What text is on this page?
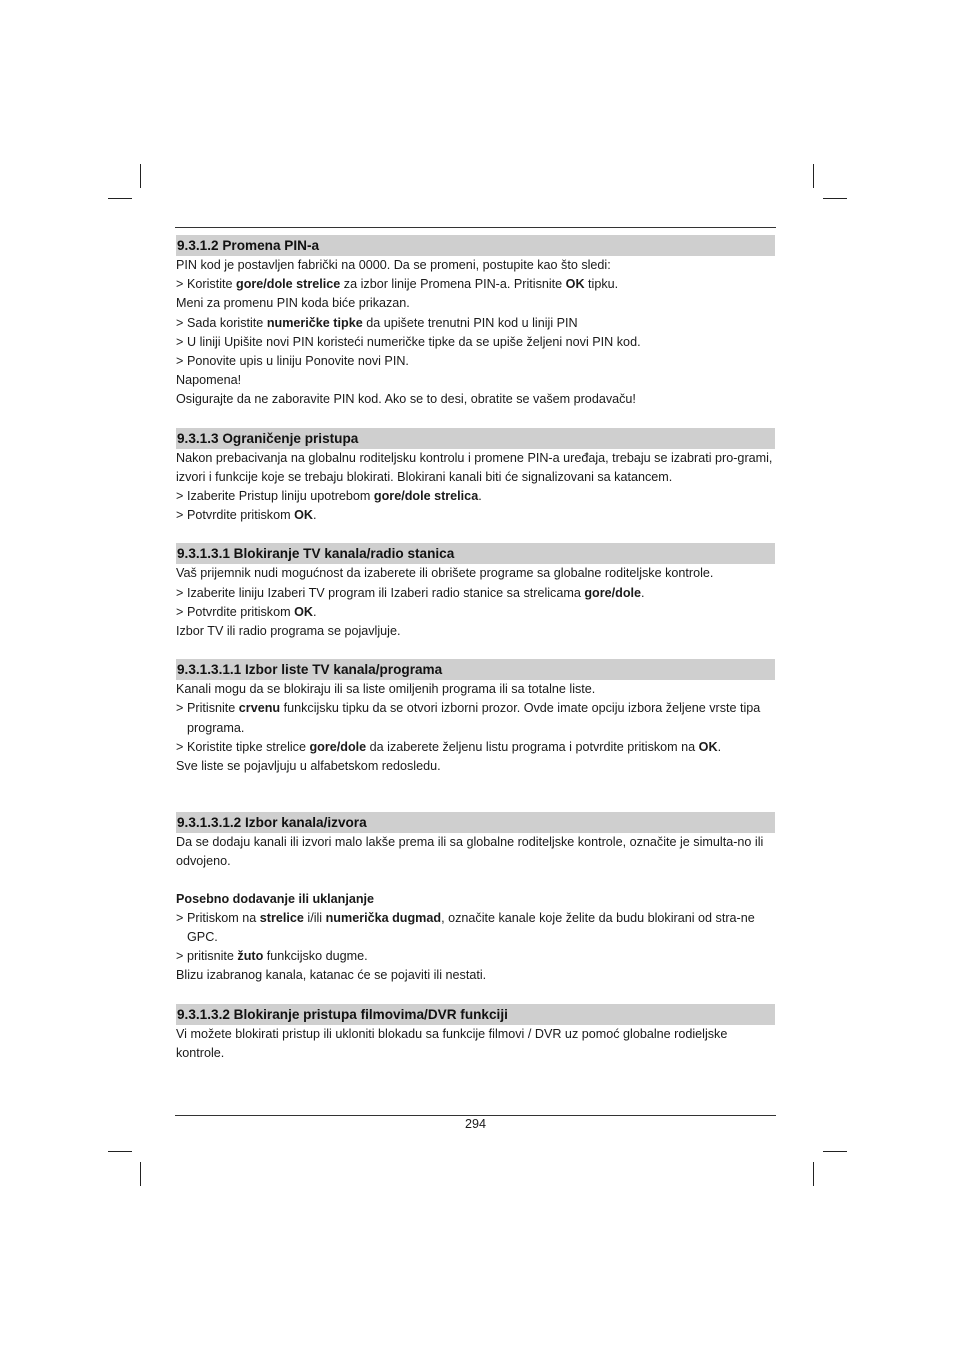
9.3.1.2 Promena PIN-a

PIN kod je postavljen fabrički na 0000. Da se promeni, postupite kao što sledi:

> Koristite gore/dole strelice za izbor linije Promena PIN-a. Pritisnite OK tipku.

Meni za promenu PIN koda biće prikazan.

> Sada koristite numeričke tipke da upišete trenutni PIN kod u liniji PIN

> U liniji Upišite novi PIN koristeći numeričke tipke da se upiše željeni novi PIN kod.

> Ponovite upis u liniju Ponovite novi PIN.

Napomena!

Osigurajte da ne zaboravite PIN kod. Ako se to desi, obratite se vašem prodavaču!

9.3.1.3 Ograničenje pristupa

Nakon prebacivanja na globalnu roditeljsku kontrolu i promene PIN-a uređaja, trebaju se izabrati pro-grami, izvori i funkcije koje se trebaju blokirati. Blokirani kanali biti će signalizovani sa katancem.

> Izaberite Pristup liniju upotrebom gore/dole strelica.

> Potvrdite pritiskom OK.

9.3.1.3.1 Blokiranje TV kanala/radio stanica

Vaš prijemnik nudi mogućnost da izaberete ili obrišete programe sa globalne roditeljske kontrole.

> Izaberite liniju Izaberi TV program ili Izaberi radio stanice sa strelicama gore/dole.

> Potvrdite pritiskom OK.

Izbor TV ili radio programa se pojavljuje.

9.3.1.3.1.1 Izbor liste TV kanala/programa

Kanali mogu da se blokiraju ili sa liste omiljenih programa ili sa totalne liste.

> Pritisnite crvenu funkcijsku tipku da se otvori izborni prozor. Ovde imate opciju izbora željene vrste tipa programa.

> Koristite tipke strelice gore/dole da izaberete željenu listu programa i potvrdite pritiskom na OK.

Sve liste se pojavljuju u alfabetskom redosledu.

9.3.1.3.1.2 Izbor kanala/izvora

Da se dodaju kanali ili izvori malo lakše prema ili sa globalne roditeljske kontrole, označite je simulta-no ili odvojeno.

Posebno dodavanje ili uklanjanje

> Pritiskom na strelice i/ili numerička dugmad, označite kanale koje želite da budu blokirani od stra-ne GPC.

> pritisnite žuto funkcijsko dugme.

Blizu izabranog kanala, katanac će se pojaviti ili nestati.

9.3.1.3.2 Blokiranje pristupa filmovima/DVR funkciji

Vi možete blokirati pristup ili ukloniti blokadu sa funkcije filmovi / DVR uz pomoć globalne rodieljske kontrole.

294
